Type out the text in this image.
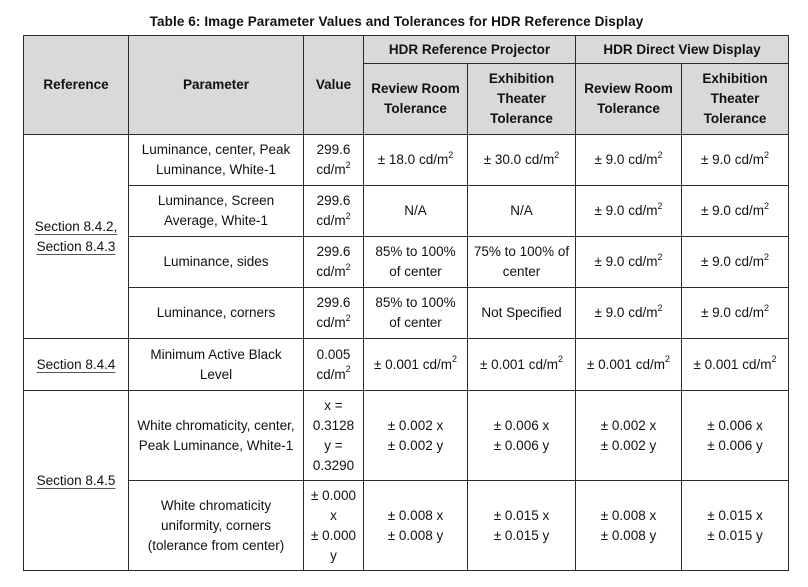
Table 6: Image Parameter Values and Tolerances for HDR Reference Display
Reference	Parameter	Value	HDR Reference Projector		HDR Direct View Display	
			Review Room Tolerance	Exhibition Theater Tolerance	Review Room Tolerance	Exhibition Theater Tolerance
Section 8.4.2,
Section 8.4.3	Luminance, center, Peak Luminance, White-1	299.6
$cd/m^2$	± 18.0 $cd/m^2$	± 30.0 $cd/m^2$	± 9.0 $cd/m^2$	± 9.0 $cd/m^2$
	Luminance, Screen Average, White-1	299.6
$cd/m^2$	N/A	N/A	± 9.0 $cd/m^2$	± 9.0 $cd/m^2$
	Luminance, sides	299.6
$cd/m^2$	85% to 100% of center	75% to 100% of center	± 9.0 $cd/m^2$	± 9.0 $cd/m^2$
	Luminance, corners	299.6
$cd/m^2$	85% to 100% of center	Not Specified	± 9.0 $cd/m^2$	± 9.0 $cd/m^2$
Section 8.4.4	Minimum Active Black Level	0.005
$cd/m^2$	± 0.001 $cd/m^2$	± 0.001 $cd/m^2$	± 0.001 $cd/m^2$	± 0.001 $cd/m^2$
Section 8.4.5	White chromaticity, center, Peak Luminance, White-1	x =
0.3128
y =
0.3290	± 0.002 x
± 0.002 y	± 0.006 x
± 0.006 y	± 0.002 x
± 0.002 y	± 0.006 x
± 0.006 y
	White chromaticity uniformity, corners (tolerance from center)	± 0.000
x
± 0.000
y	± 0.008 x
± 0.008 y	± 0.015 x
± 0.015 y	± 0.008 x
± 0.008 y	± 0.015 x
± 0.015 y
